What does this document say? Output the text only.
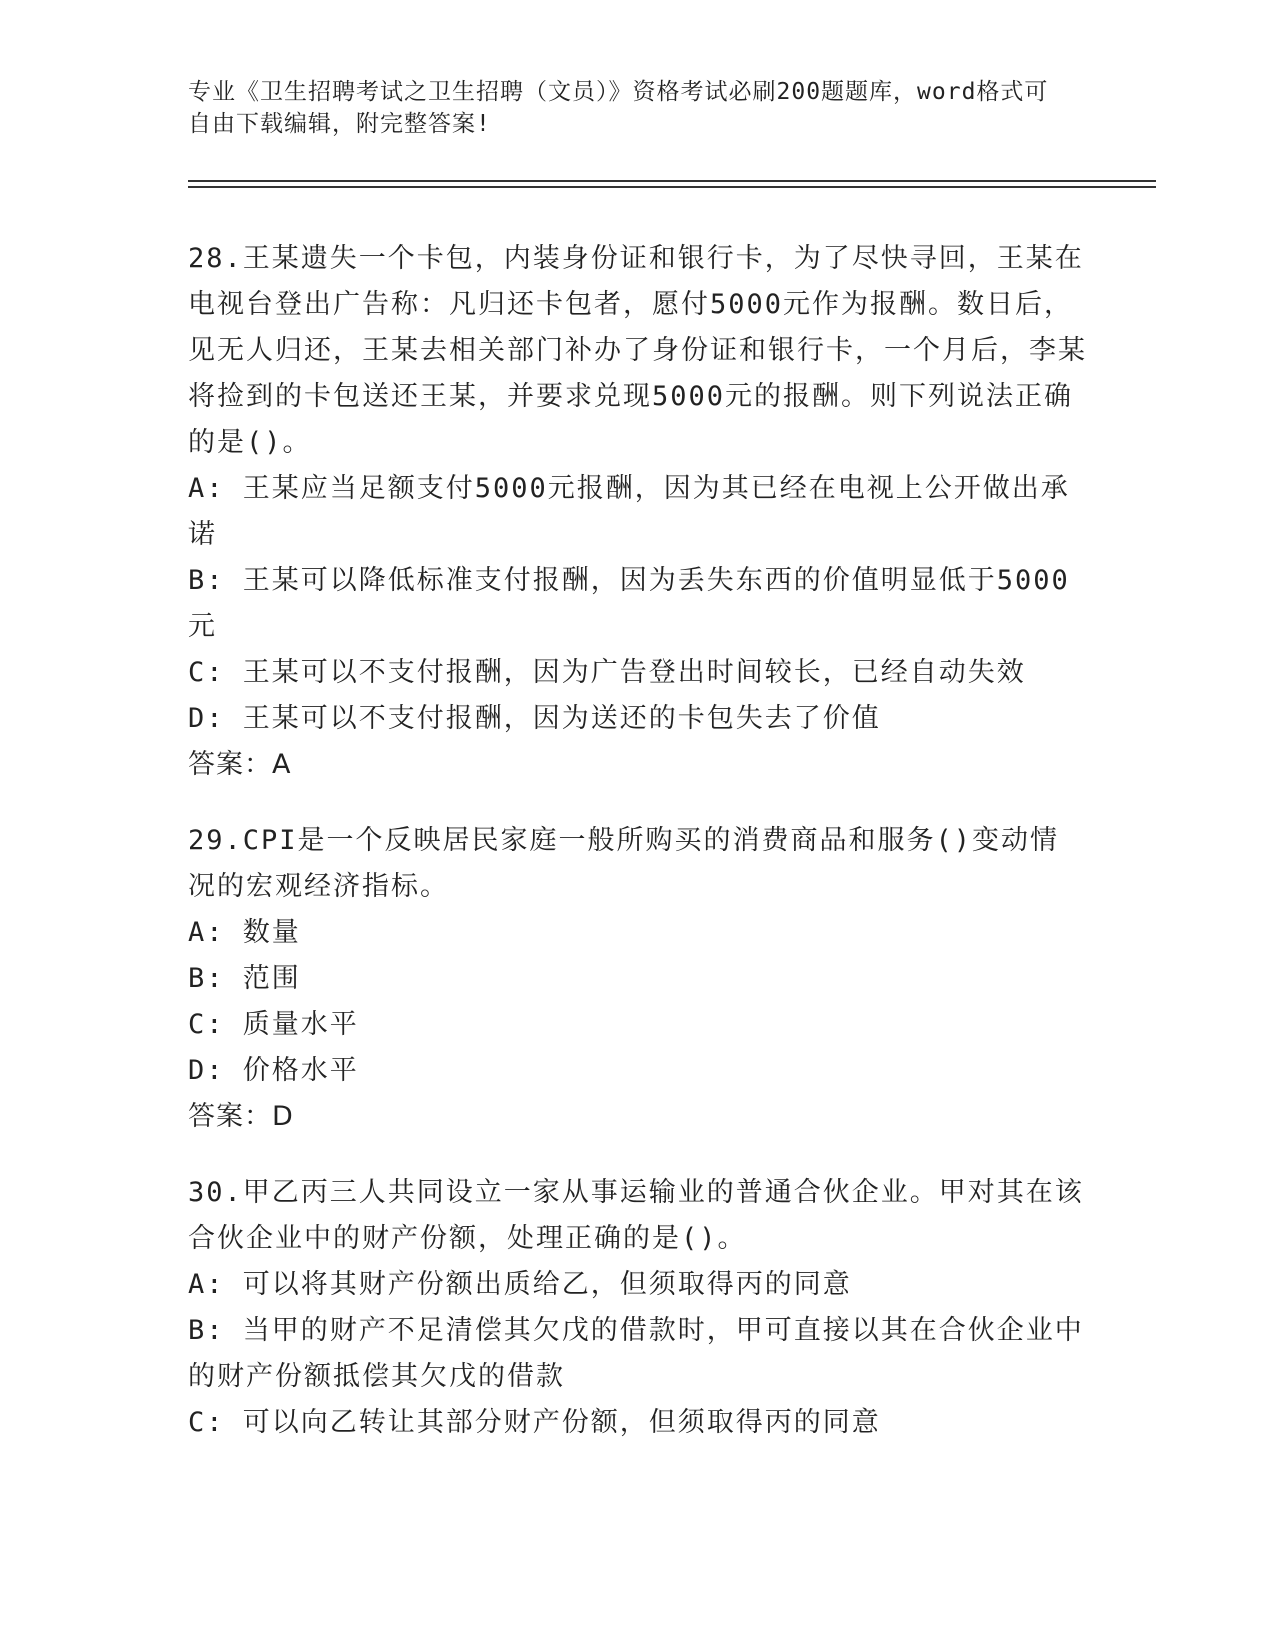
专业《卫生招聘考试之卫生招聘（文员）》资格考试必刷200题题库，word格式可自由下载编辑，附完整答案!

28.王某遗失一个卡包，内装身份证和银行卡，为了尽快寻回，王某在电视台登出广告称：凡归还卡包者，愿付5000元作为报酬。数日后，见无人归还，王某去相关部门补办了身份证和银行卡，一个月后，李某将捡到的卡包送还王某，并要求兑现5000元的报酬。则下列说法正确的是()。

A: 王某应当足额支付5000元报酬，因为其已经在电视上公开做出承诺

B: 王某可以降低标准支付报酬，因为丢失东西的价值明显低于5000元

C: 王某可以不支付报酬，因为广告登出时间较长，已经自动失效

D: 王某可以不支付报酬，因为送还的卡包失去了价值

答案：A

29.CPI是一个反映居民家庭一般所购买的消费商品和服务()变动情况的宏观经济指标。

A: 数量

B: 范围

C: 质量水平

D: 价格水平

答案：D

30.甲乙丙三人共同设立一家从事运输业的普通合伙企业。甲对其在该合伙企业中的财产份额，处理正确的是()。

A: 可以将其财产份额出质给乙，但须取得丙的同意

B: 当甲的财产不足清偿其欠戊的借款时，甲可直接以其在合伙企业中的财产份额抵偿其欠戊的借款

C: 可以向乙转让其部分财产份额，但须取得丙的同意
